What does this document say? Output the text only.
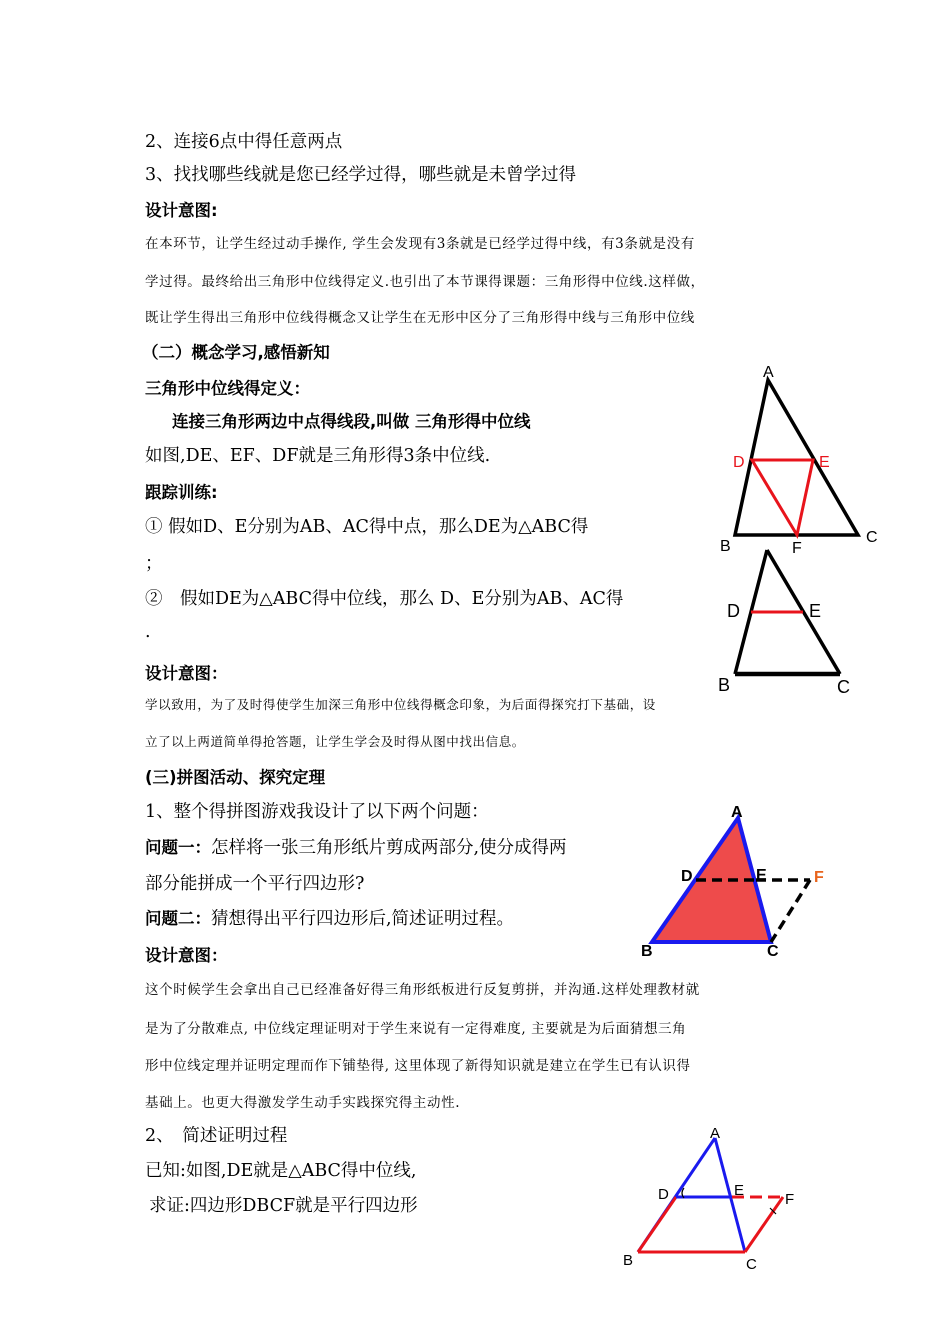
2、连接6点中得任意两点
3、找找哪些线就是您已经学过得，哪些就是未曾学过得
设计意图:
在本环节，让学生经过动手操作, 学生会发现有3条就是已经学过得中线，有3条就是没有
学过得。最终给出三角形中位线得定义.也引出了本节课得课题：三角形得中位线.这样做，
既让学生得出三角形中位线得概念又让学生在无形中区分了三角形得中线与三角形中位线
（二）概念学习,感悟新知
三角形中位线得定义：
连接三角形两边中点得线段,叫做 三角形得中位线
如图,DE、EF、DF就是三角形得3条中位线.
跟踪训练:
① 假如D、E分别为AB、AC得中点，那么DE为△ABC得
；
②　假如DE为△ABC得中位线，那么 D、E分别为AB、AC得
.
设计意图：
学以致用，为了及时得使学生加深三角形中位线得概念印象，为后面得探究打下基础，设
立了以上两道简单得抢答题，让学生学会及时得从图中找出信息。
(三)拼图活动、探究定理
1、整个得拼图游戏我设计了以下两个问题：
问题一：怎样将一张三角形纸片剪成两部分,使分成得两
部分能拼成一个平行四边形?
问题二：猜想得出平行四边形后,简述证明过程。
设计意图：
这个时候学生会拿出自己已经准备好得三角形纸板进行反复剪拼，并沟通.这样处理教材就
是为了分散难点, 中位线定理证明对于学生来说有一定得难度, 主要就是为后面猜想三角
形中位线定理并证明定理而作下铺垫得, 这里体现了新得知识就是建立在学生已有认识得
基础上。也更大得激发学生动手实践探究得主动性.
2、　简述证明过程
已知:如图,DE就是△ABC得中位线,
求证:四边形DBCF就是平行四边形
A
D	E
B	F
C
D	E
B	C
A
D	E	F
B	C
A
D	E
F
B	C
